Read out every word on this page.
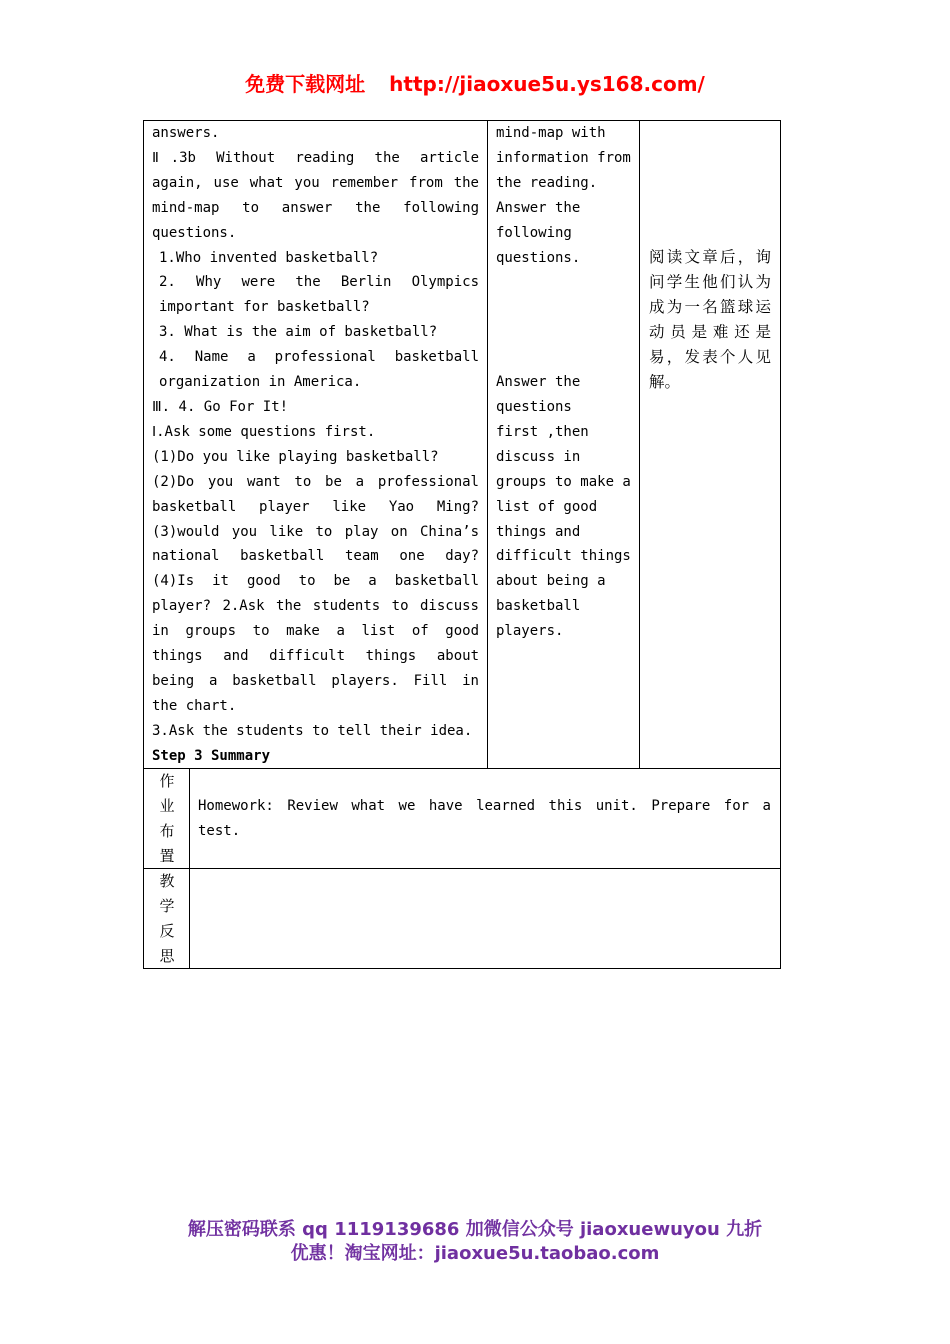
免费下载网址 http://jiaoxue5u.ys168.com/

answers.

Ⅱ.3b Without reading the article

again, use what you remember from the

mind-map to answer the following

questions.

1.Who invented basketball?

2. Why were the Berlin Olympics

important for basketball?

3. What is the aim of basketball?

4. Name a professional basketball

organization in America.

Ⅲ. 4. Go For It!

Ⅰ.Ask some questions first.

(1)Do you like playing basketball?

(2)Do you want to be a professional

basketball player like Yao Ming?

(3)would you like to play on China’s

national basketball team one day?

(4)Is it good to be a basketball

player? 2.Ask the students to discuss

in groups to make a list of good

things and difficult things about

being a basketball players. Fill in

the chart.

3.Ask the students to tell their idea.

Step 3 Summary

mind-map with

information from

the reading.

Answer the

following

questions.

Answer the

questions

first ,then

discuss in

groups to make a

list of good

things and

difficult things

about being a

basketball

players.

阅读文章后，询

问学生他们认为

成为一名篮球运

动员是难还是

易，发表个人见

解。

作
业
布
置

Homework: Review what we have learned this unit. Prepare for a

test.

教
学
反
思
解压密码联系 qq 1119139686 加微信公众号 jiaoxuewuyou 九折
优惠！淘宝网址：jiaoxue5u.taobao.com
